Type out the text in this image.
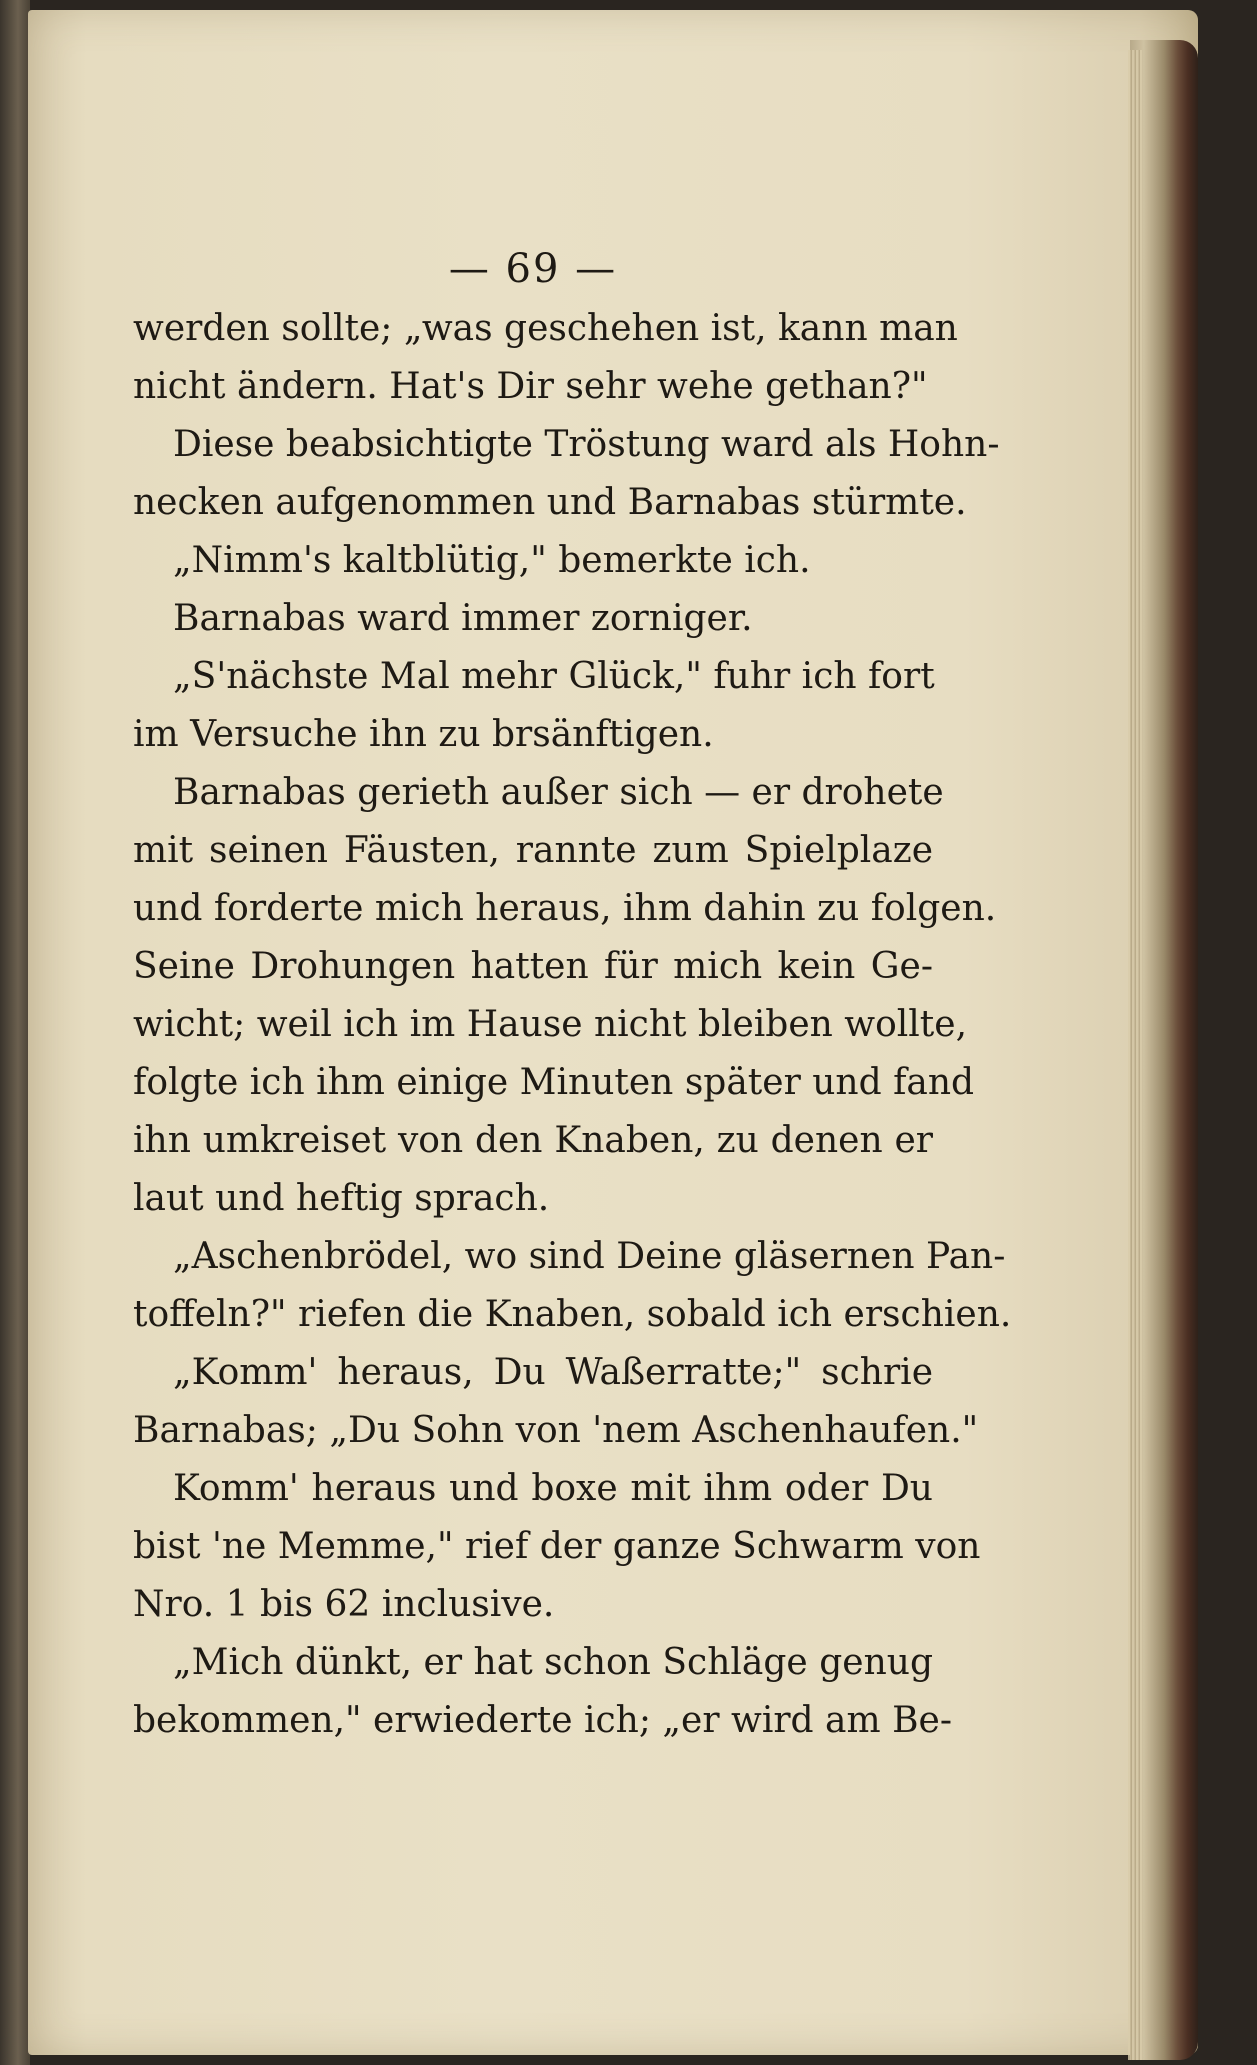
— 69 —
werden sollte; „was geschehen ist, kann man
nicht ändern. Hat's Dir sehr wehe gethan?"
Diese beabsichtigte Tröstung ward als Hohn-
necken aufgenommen und Barnabas stürmte.
„Nimm's kaltblütig," bemerkte ich.
Barnabas ward immer zorniger.
„S'nächste Mal mehr Glück," fuhr ich fort
im Versuche ihn zu brsänftigen.
Barnabas gerieth außer sich — er drohete
mit seinen Fäusten, rannte zum Spielplaze
und forderte mich heraus, ihm dahin zu folgen.
Seine Drohungen hatten für mich kein Ge-
wicht; weil ich im Hause nicht bleiben wollte,
folgte ich ihm einige Minuten später und fand
ihn umkreiset von den Knaben, zu denen er
laut und heftig sprach.
„Aschenbrödel, wo sind Deine gläsernen Pan-
toffeln?" riefen die Knaben, sobald ich erschien.
„Komm' heraus, Du Waßerratte;" schrie
Barnabas; „Du Sohn von 'nem Aschenhaufen."
Komm' heraus und boxe mit ihm oder Du
bist 'ne Memme," rief der ganze Schwarm von
Nro. 1 bis 62 inclusive.
„Mich dünkt, er hat schon Schläge genug
bekommen," erwiederte ich; „er wird am Be-
